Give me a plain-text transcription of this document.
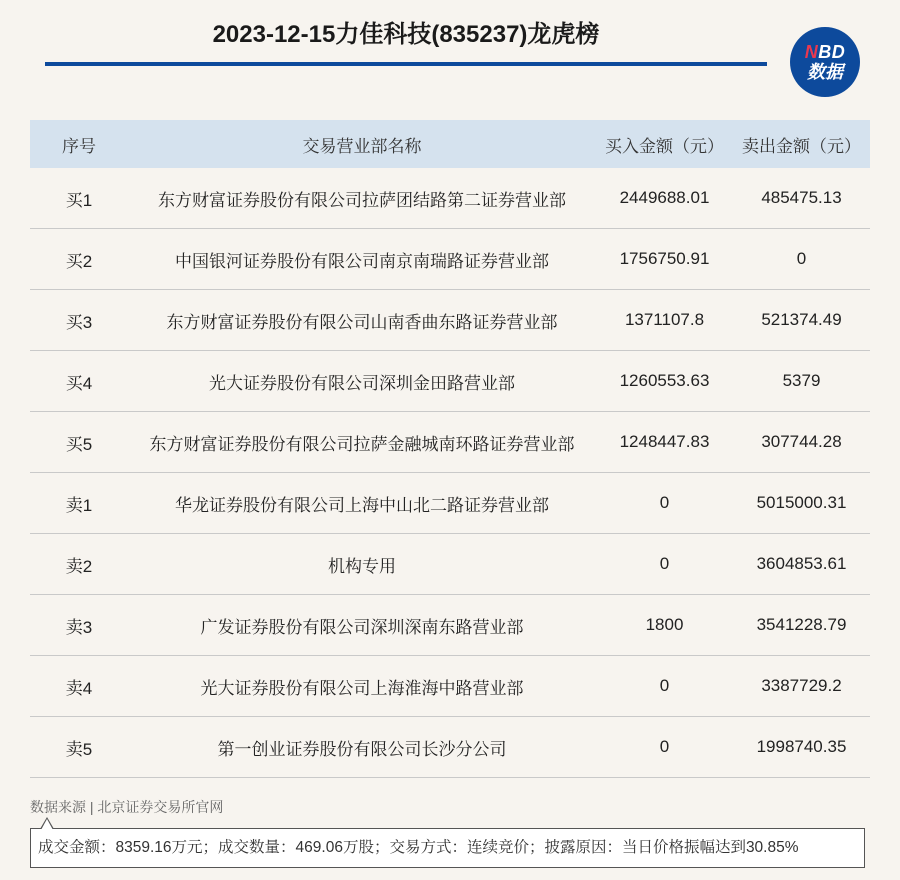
2023-12-15力佳科技(835237)龙虎榜
NBD
数据
序号	交易营业部名称	买入金额（元）	卖出金额（元）
买1	东方财富证券股份有限公司拉萨团结路第二证券营业部	2449688.01	485475.13
买2	中国银河证券股份有限公司南京南瑞路证券营业部	1756750.91	0
买3	东方财富证券股份有限公司山南香曲东路证券营业部	1371107.8	521374.49
买4	光大证券股份有限公司深圳金田路营业部	1260553.63	5379
买5	东方财富证券股份有限公司拉萨金融城南环路证券营业部	1248447.83	307744.28
卖1	华龙证券股份有限公司上海中山北二路证券营业部	0	5015000.31
卖2	机构专用	0	3604853.61
卖3	广发证券股份有限公司深圳深南东路营业部	1800	3541228.79
卖4	光大证券股份有限公司上海淮海中路营业部	0	3387729.2
卖5	第一创业证券股份有限公司长沙分公司	0	1998740.35
数据来源 | 北京证券交易所官网
成交金额：8359.16万元；成交数量：469.06万股；交易方式：连续竞价；披露原因：当日价格振幅达到30.85%
